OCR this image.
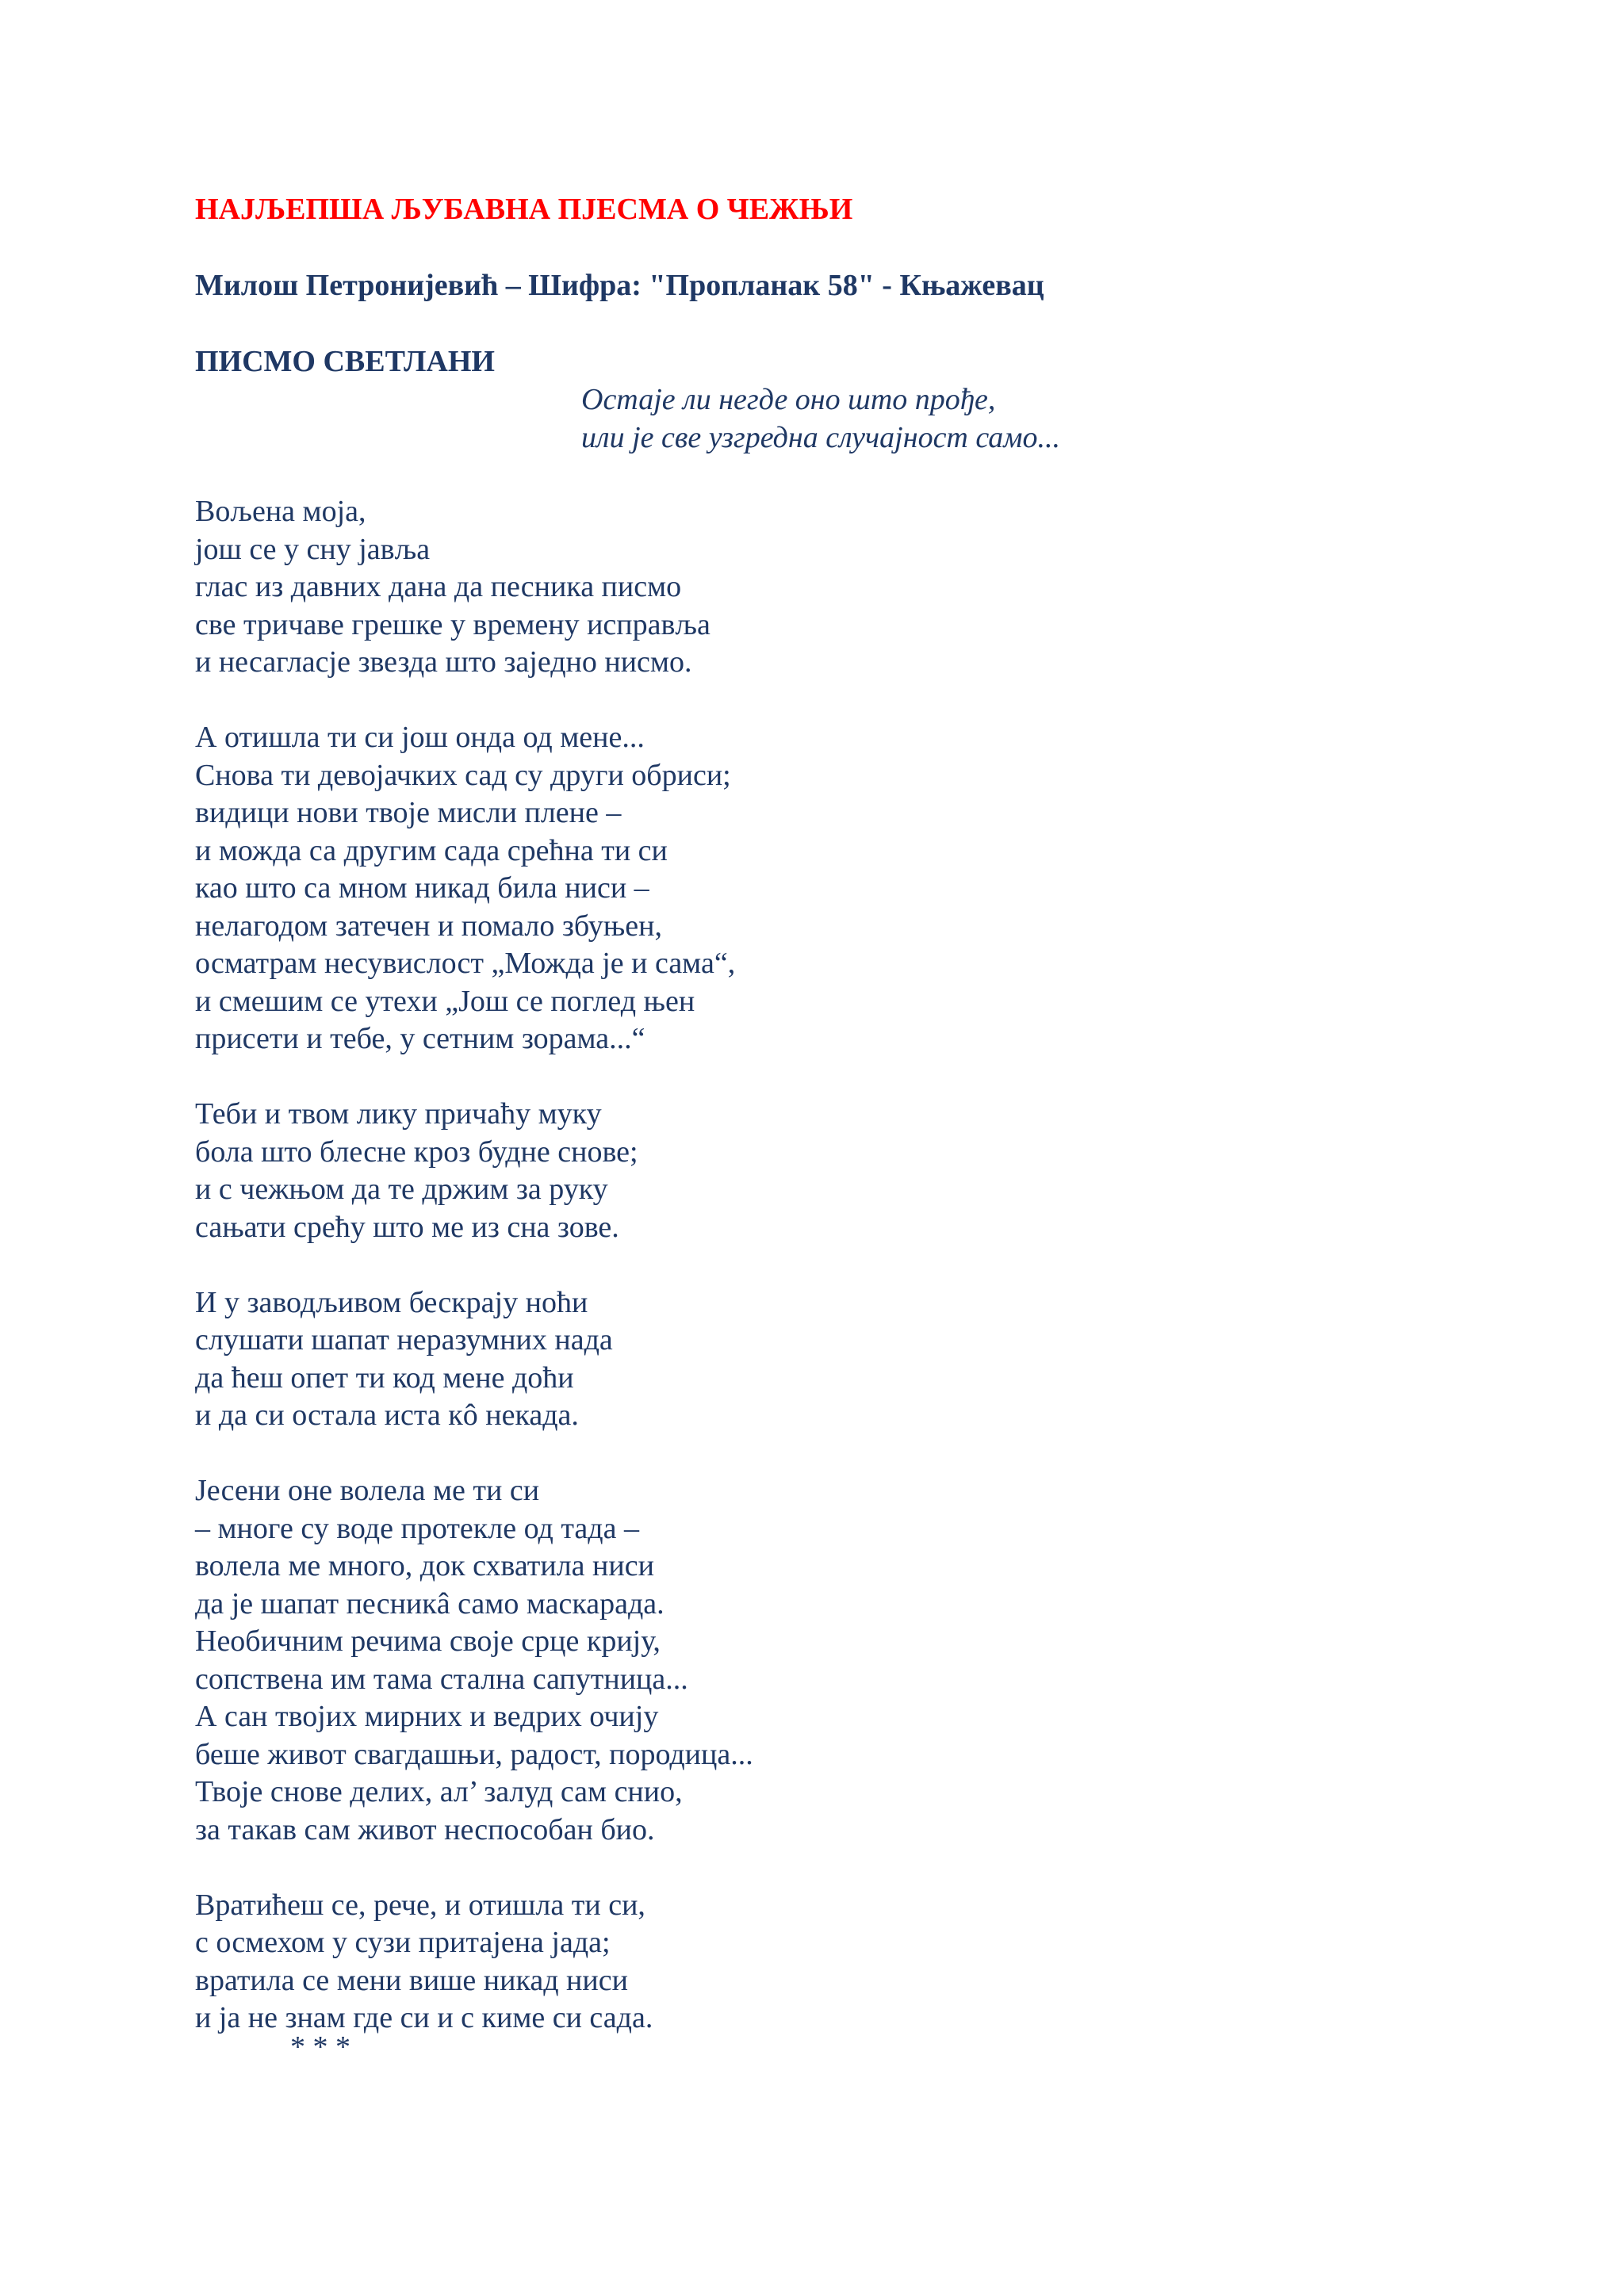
НАЈЉЕПША ЉУБАВНА ПЈЕСМА О ЧЕЖЊИ
Милош Петронијевић – Шифра: "Пропланак 58" - Књажевац
ПИСМО СВЕТЛАНИ
Остаје ли негде оно што прође,
или је све узгредна случајност само...
Вољена моја,
још се у сну јавља
глас из давних дана да песника писмо
све тричаве грешке у времену исправља
и несагласје звезда што заједно нисмо.
А отишла ти си још онда од мене...
Снова ти девојачких сад су други обриси;
видици нови твоје мисли плене –
и можда са другим сада срећна ти си
као што са мном никад била ниси –
нелагодом затечен и помало збуњен,
осматрам несувислост „Можда је и сама“,
и смешим се утехи „Још се поглед њен
присети и тебе, у сетним зорама...“
Теби и твом лику причаћу муку
бола што блесне кроз будне снове;
и с чежњом да те држим за руку
сањати срећу што ме из сна зове.
И у заводљивом бескрају ноћи
слушати шапат неразумних нада
да ћеш опет ти код мене доћи
и да си остала иста кô некада.
Јесени оне волела ме ти си
– многе су воде протекле од тада –
волела ме много, док схватила ниси
да је шапат песникâ само маскарада.
Необичним речима своје срце крију,
сопствена им тама стална сапутница...
А сан твојих мирних и ведрих очију
беше живот свагдашњи, радост, породица...
Твоје снове делих, ал’ залуд сам снио,
за такав сам живот неспособан био.
Вратићеш се, рече, и отишла ти си,
с осмехом у сузи притајена јада;
вратила се мени више никад ниси
и ја не знам где си и с киме си сада.
* * *
